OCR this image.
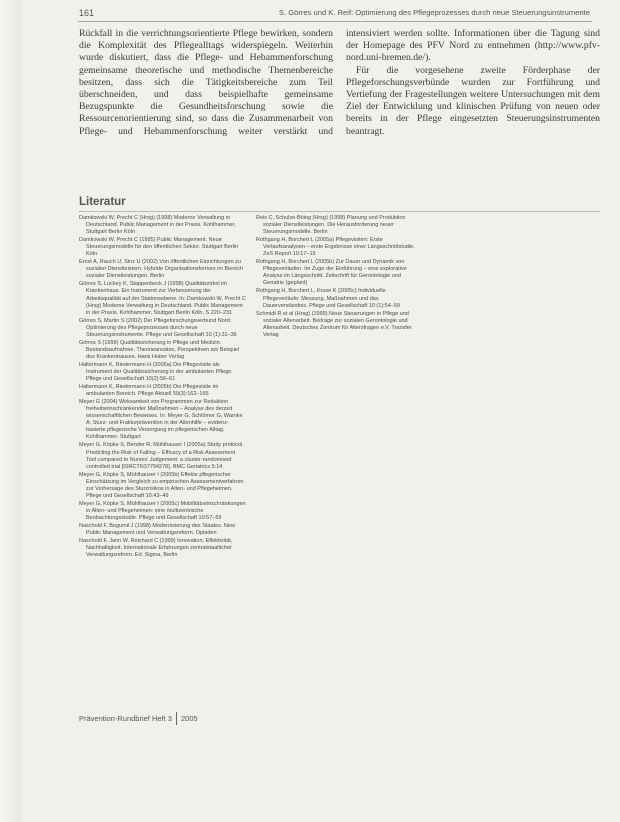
161	S. Görres und K. Reif: Optimierung des Pflegeprozesses durch neue Steuerungsinstrumente

Rückfall in die verrichtungsorientierte Pflege bewirken, sondern die Komplexität des Pflegealltags widerspiegeln. Weiterhin wurde diskutiert, dass die Pflege- und Hebammenforschung gemeinsame theoretische und methodische Themenbereiche besitzen, dass sich die Tätigkeitsbereiche zum Teil überschneiden, und dass beispielhafte gemeinsame Bezugspunkte die Gesundheitsforschung sowie die Ressourcenorientierung sind, so dass die Zusammenarbeit von Pflege- und Hebammenforschung weiter verstärkt und intensiviert werden sollte. Informationen über die Tagung sind der Homepage des PFV Nord zu entnehmen (http://www.pfv-nord.uni-bremen.de/).

Für die vorgesehene zweite Förderphase der Pflegeforschungsverbünde wurden zur Fortführung und Vertiefung der Fragestellungen weitere Untersuchungen mit dem Ziel der Entwicklung und klinischen Prüfung von neuen oder bereits in der Pflege eingesetzten Steuerungsinstrumenten beantragt.

Literatur

Damkowski W, Precht C (Hrsg) (1998) Moderne Verwaltung in Deutschland. Public Management in der Praxis. Kohlhammer, Stuttgart Berlin Köln

Damkowski W, Precht C (1995) Public Management. Neue Steuerungsmodelle für den öffentlichen Sektor. Stuttgart Berlin Köln

Ernst A, Rauch U, Sinz U (2002) Von öffentlichen Einrichtungen zu sozialen Dienstleistern. Hybride Organisationsformen im Bereich sozialer Dienstleistungen. Berlin

Görres S, Luckey K, Stappenbeck J (1998) Qualitätszirkel im Krankenhaus. Ein Instrument zur Verbesserung der Arbeitsqualität auf der Stationsebene. In: Damkowski W, Precht C (Hrsg) Moderne Verwaltung in Deutschland. Public Management in der Praxis. Kohlhammer, Stuttgart Berlin Köln, S 220–231

Görres S, Martin S (2002) Der Pflegeforschungsverbund Nord: Optimierung des Pflegeprozesses durch neue Steuerungsinstrumente. Pflege und Gesellschaft 10 (1):31–36

Görres S (1999) Qualitätssicherung in Pflege und Medizin. Bestandsaufnahme, Theorieansätze, Perspektiven am Beispiel des Krankenhauses. Hans Huber Verlag

Haltermann K, Riedermann H (2005a) Die Pflegevisite als Instrument der Qualitätssicherung in der ambulanten Pflege. Pflege und Gesellschaft 10(2):56–61

Haltermann K, Riedermann H (2005b) Die Pflegevisite im ambulanten Bereich. Pflege Aktuell 59(3):162–165

Meyer G (2004) Wirksamkeit von Programmen zur Reduktion freiheitseinschränkender Maßnahmen – Analyse des derzeit wissenschaftlichen Beweises. In: Meyer G, Schlömer G, Warnke A: Sturz- und Frakturprävention in der Altenhilfe – evidenz-basierte pflegerische Versorgung im pflegerischen Alltag. Kohlhammer, Stuttgart

Meyer G, Köpke S, Bender R, Mühlhauser I (2005a) Study protocol. Predicting the Risk of Falling – Efficacy of a Risk Assessment Tool compared to Nurses' Judgement: a cluster-randomised controlled trial [ISRCTN37794278]. BMC Geriatrics 5:14

Meyer G, Köpke S, Mühlhauser I (2005b) Effekte pflegerischer Einschätzung im Vergleich zu empirischen Assessmentverfahren zur Vorhersage des Sturzrisikos in Alten- und Pflegeheimen. Pflege und Gesellschaft 10:43–49

Meyer G, Köpke S, Mühlhauser I (2005c) Mobilitätseinschränkungen in Alten- und Pflegeheimen: eine multizentrische Beobachtungsstudie. Pflege und Gesellschaft 10:57–59

Naschold F, Bogumil J (1998) Modernisierung des Staates. New Public Management und Verwaltungsreform. Opladen

Naschold F, Jann W, Reichard C (1999) Innovation, Effektivität, Nachhaltigkeit. Internationale Erfahrungen zentralstaatlicher Verwaltungsreform. Ed. Sigma, Berlin

Reis C, Schulze-Böing (Hrsg) (1998) Planung und Produktion sozialer Dienstleistungen. Die Herausforderung neuer Steuerungsmodelle. Berlin

Rothgang H, Borchert L (2005a) Pflegevisiten: Erste Verlaufsanalysen – erste Ergebnisse einer Längsschnittstudie. ZeS Report 10:17–19

Rothgang H, Borchert L (2005b) Zur Dauer und Dynamik von Pflegeverläufen. Im Zuge der Einführung – eine explorative Analyse im Längsschnitt. Zeitschrift für Gerontologie und Geriatrie (geplant)

Rothgang H, Borchert L, Kruse K (2005c) Individuelle Pflegeverläufe: Messung, Maßnahmen und das Dauerverständnis. Pflege und Gesellschaft 10 (1):54–59

Schmidt R et al (Hrsg) (1999) Neue Steuerungen in Pflege und sozialer Altenarbeit. Beiträge zur sozialen Gerontologie und Altenarbeit. Deutsches Zentrum für Altersfragen e.V. Transfer Verlag

Prävention-Rundbrief
Heft 3 2005
